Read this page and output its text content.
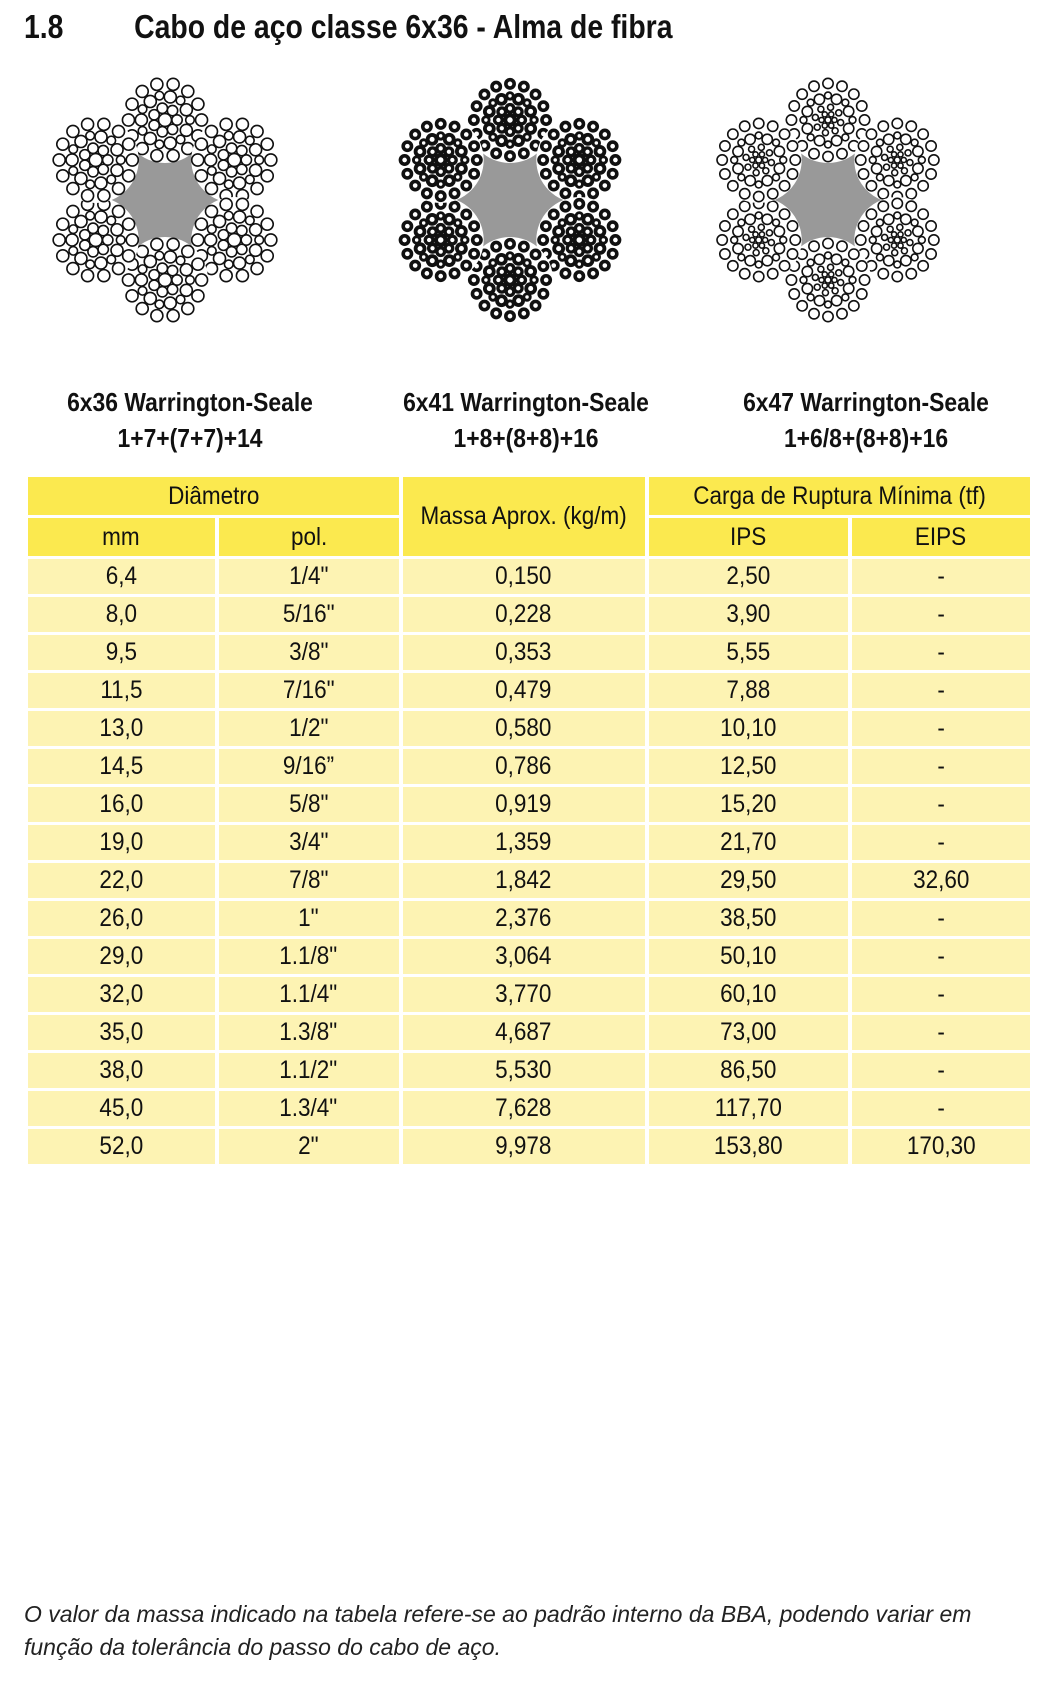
1.8 Cabo de aço classe 6x36 - Alma de fibra
6x36 Warrington-Seale
1+7+(7+7)+14
6x41 Warrington-Seale
1+8+(8+8)+16
6x47 Warrington-Seale
1+6/8+(8+8)+16
Diâmetro		Massa Aprox. (kg/m)	Carga de Ruptura Mínima (tf)	
mm	pol.		IPS	EIPS
6,4	1/4"	0,150	2,50	-
8,0	5/16"	0,228	3,90	-
9,5	3/8"	0,353	5,55	-
11,5	7/16"	0,479	7,88	-
13,0	1/2"	0,580	10,10	-
14,5	9/16”	0,786	12,50	-
16,0	5/8"	0,919	15,20	-
19,0	3/4"	1,359	21,70	-
22,0	7/8"	1,842	29,50	32,60
26,0	1"	2,376	38,50	-
29,0	1.1/8"	3,064	50,10	-
32,0	1.1/4"	3,770	60,10	-
35,0	1.3/8"	4,687	73,00	-
38,0	1.1/2"	5,530	86,50	-
45,0	1.3/4"	7,628	117,70	-
52,0	2"	9,978	153,80	170,30
O valor da massa indicado na tabela refere-se ao padrão interno da BBA, podendo variar em função da tolerância do passo do cabo de aço.
